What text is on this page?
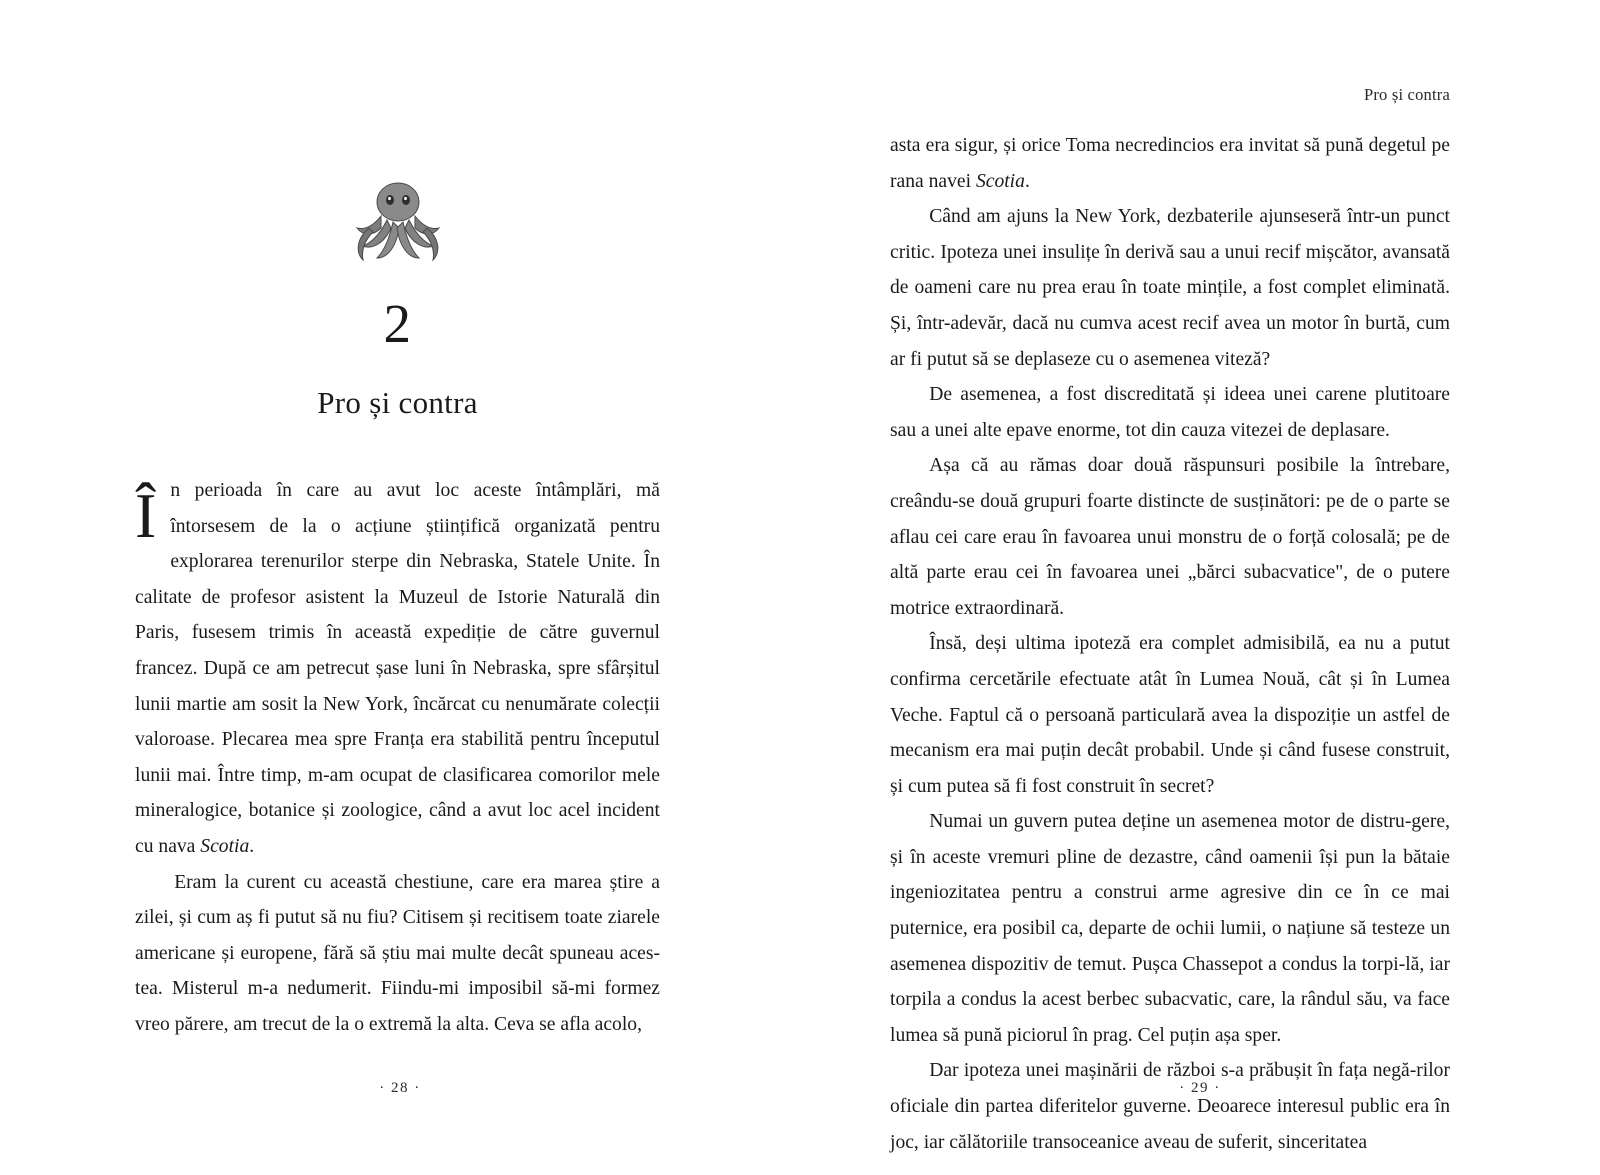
2
Pro și contra

În perioada în care au avut loc aceste întâmplări, mă întorsesem de la o acțiune științifică organizată pentru explorarea terenurilor sterpe din Nebraska, Statele Unite. În calitate de profesor asistent la Muzeul de Istorie Naturală din Paris, fusesem trimis în această expediție de către guvernul francez. După ce am petrecut șase luni în Nebraska, spre sfârșitul lunii martie am sosit la New York, încărcat cu nenumărate colecții valoroase. Plecarea mea spre Franța era stabilită pentru începutul lunii mai. Între timp, m-am ocupat de clasificarea comorilor mele mineralogice, botanice și zoologice, când a avut loc acel incident cu nava Scotia.

Eram la curent cu această chestiune, care era marea știre a zilei, și cum aș fi putut să nu fiu? Citisem și recitisem toate ziarele americane și europene, fără să știu mai multe decât spuneau aces-tea. Misterul m-a nedumerit. Fiindu-mi imposibil să-mi formez vreo părere, am trecut de la o extremă la alta. Ceva se afla acolo,

· 28 ·
Pro și contra

asta era sigur, și orice Toma necredincios era invitat să pună degetul pe rana navei Scotia.

Când am ajuns la New York, dezbaterile ajunseseră într-un punct critic. Ipoteza unei insulițe în derivă sau a unui recif mișcător, avansată de oameni care nu prea erau în toate mințile, a fost complet eliminată. Și, într-adevăr, dacă nu cumva acest recif avea un motor în burtă, cum ar fi putut să se deplaseze cu o asemenea viteză?

De asemenea, a fost discreditată și ideea unei carene plutitoare sau a unei alte epave enorme, tot din cauza vitezei de deplasare.

Așa că au rămas doar două răspunsuri posibile la întrebare, creându-se două grupuri foarte distincte de susținători: pe de o parte se aflau cei care erau în favoarea unui monstru de o forță colosală; pe de altă parte erau cei în favoarea unei „bărci subacvatice", de o putere motrice extraordinară.

Însă, deși ultima ipoteză era complet admisibilă, ea nu a putut confirma cercetările efectuate atât în Lumea Nouă, cât și în Lumea Veche. Faptul că o persoană particulară avea la dispoziție un astfel de mecanism era mai puțin decât probabil. Unde și când fusese construit, și cum putea să fi fost construit în secret?

Numai un guvern putea deține un asemenea motor de distru-gere, și în aceste vremuri pline de dezastre, când oamenii își pun la bătaie ingeniozitatea pentru a construi arme agresive din ce în ce mai puternice, era posibil ca, departe de ochii lumii, o națiune să testeze un asemenea dispozitiv de temut. Pușca Chassepot a condus la torpi-lă, iar torpila a condus la acest berbec subacvatic, care, la rândul său, va face lumea să pună piciorul în prag. Cel puțin așa sper.

Dar ipoteza unei mașinării de război s-a prăbușit în fața negă-rilor oficiale din partea diferitelor guverne. Deoarece interesul public era în joc, iar călătoriile transoceanice aveau de suferit, sinceritatea

· 29 ·
